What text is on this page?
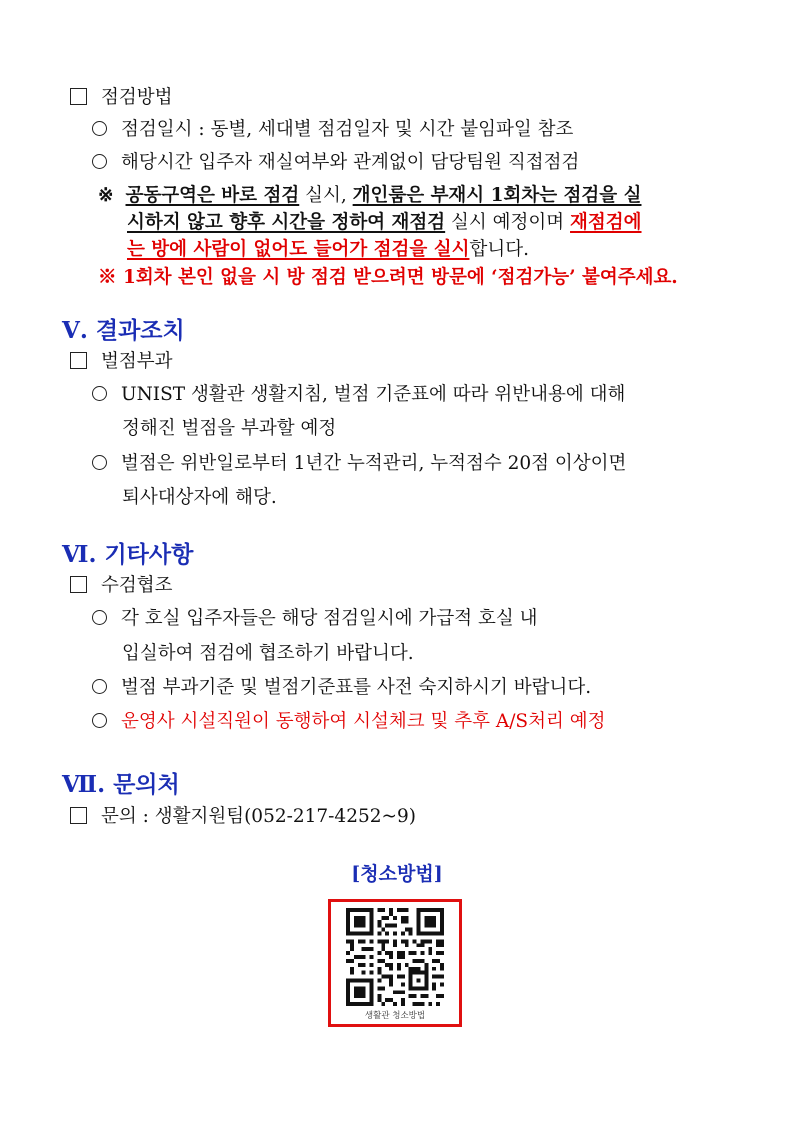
점검방법
점검일시 : 동별, 세대별 점검일자 및 시간 붙임파일 참조
해당시간 입주자 재실여부와 관계없이 담당팀원 직접점검
※ 공동구역은 바로 점검 실시, 개인룸은 부재시 1회차는 점검을 실
시하지 않고 향후 시간을 정하여 재점검 실시 예정이며 재점검에
는 방에 사람이 없어도 들어가 점검을 실시합니다.
※ 1회차 본인 없을 시 방 점검 받으려면 방문에 ‘점검가능’ 붙여주세요.
Ⅴ. 결과조치
벌점부과
UNIST 생활관 생활지침, 벌점 기준표에 따라 위반내용에 대해
정해진 벌점을 부과할 예정
벌점은 위반일로부터 1년간 누적관리, 누적점수 20점 이상이면
퇴사대상자에 해당.
Ⅵ. 기타사항
수검협조
각 호실 입주자들은 해당 점검일시에 가급적 호실 내
입실하여 점검에 협조하기 바랍니다.
벌점 부과기준 및 벌점기준표를 사전 숙지하시기 바랍니다.
운영사 시설직원이 동행하여 시설체크 및 추후 A/S처리 예정
Ⅶ. 문의처
문의 : 생활지원팀(052-217-4252~9)
[청소방법]
생활관 청소방법
